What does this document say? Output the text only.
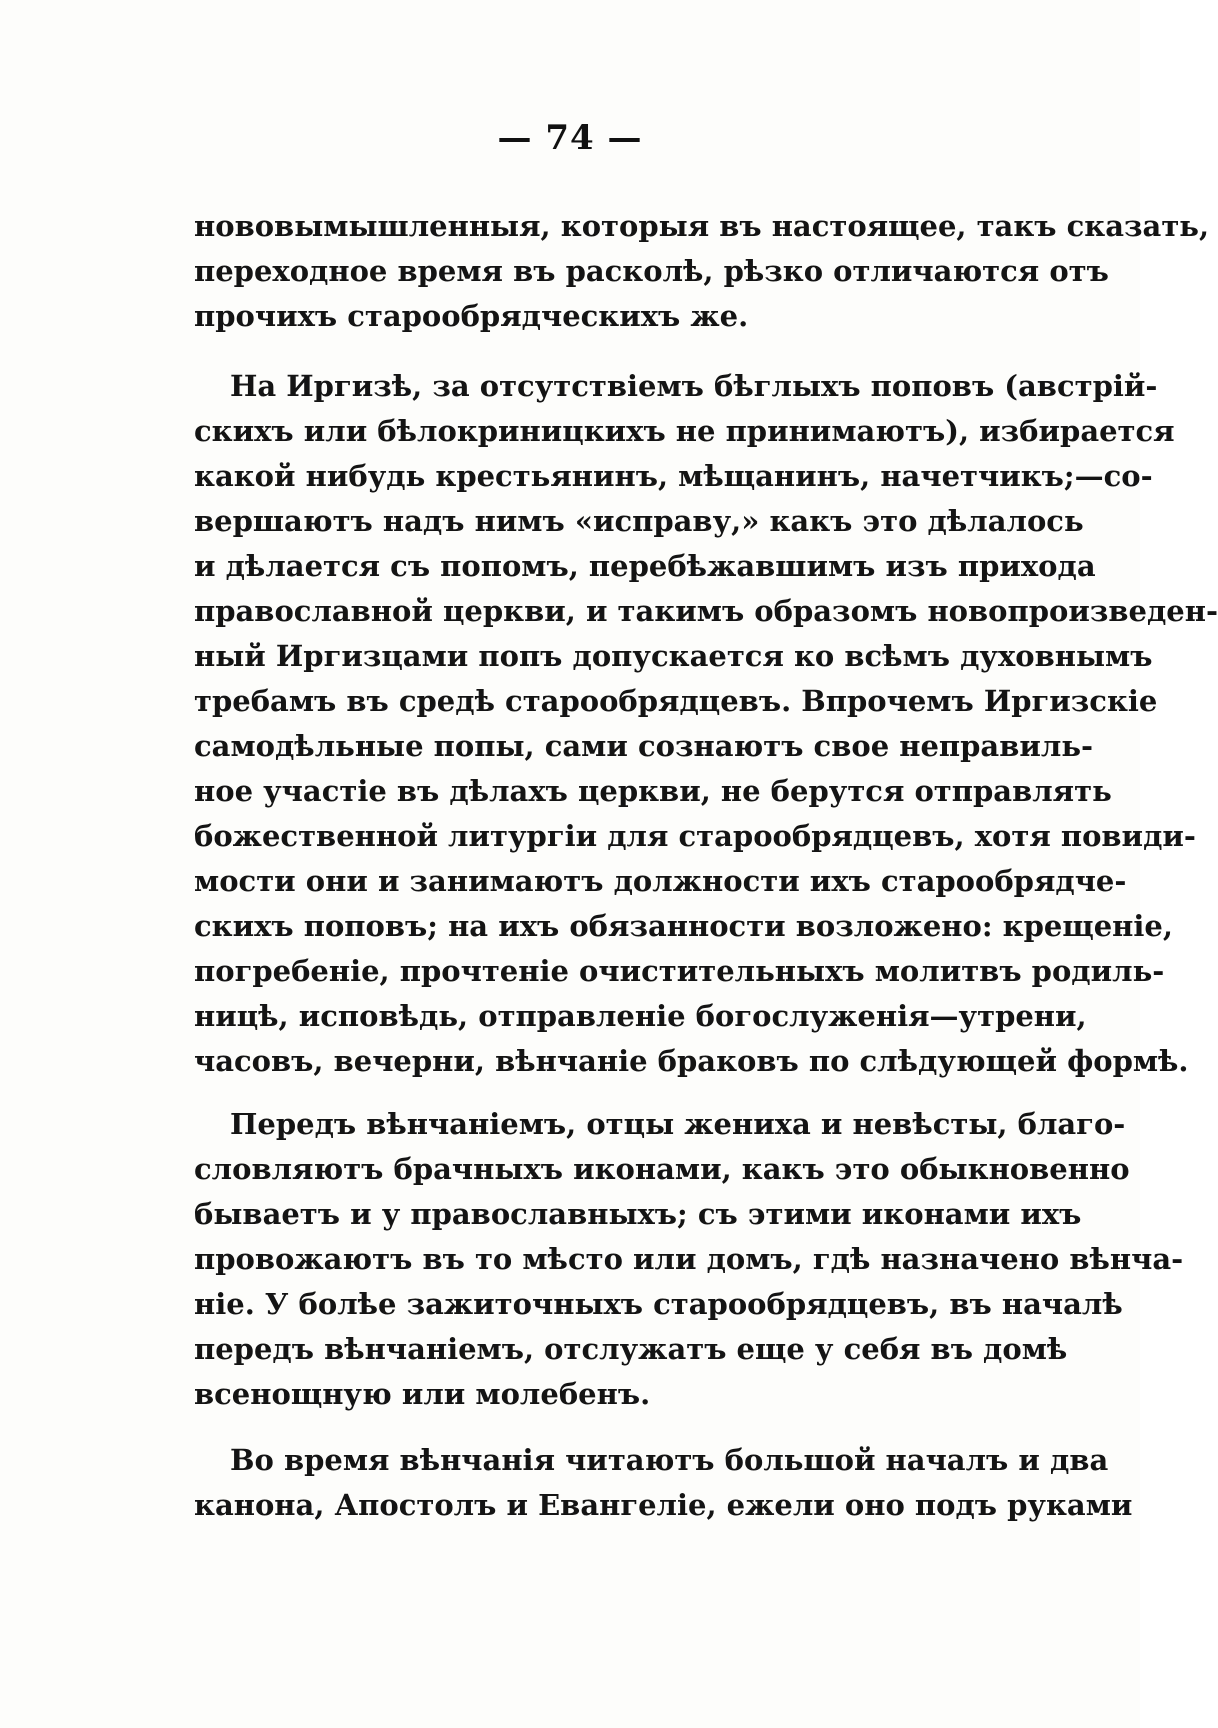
— 74 —
нововымышленныя, которыя въ настоящее, такъ сказать,
переходное время въ расколѣ, рѣзко отличаются отъ
прочихъ старообрядческихъ же.
На Иргизѣ, за отсутствіемъ бѣглыхъ поповъ (австрій-
скихъ или бѣлокриницкихъ не принимаютъ), избирается
какой нибудь крестьянинъ, мѣщанинъ, начетчикъ;—со-
вершаютъ надъ нимъ «исправу,» какъ это дѣлалось
и дѣлается съ попомъ, перебѣжавшимъ изъ прихода
православной церкви, и такимъ образомъ новопроизведен-
ный Иргизцами попъ допускается ко всѣмъ духовнымъ
требамъ въ средѣ старообрядцевъ. Впрочемъ Иргизскіе
самодѣльные попы, сами сознаютъ свое неправиль-
ное участіе въ дѣлахъ церкви, не берутся отправлять
божественной литургіи для старообрядцевъ, хотя повиди-
мости они и занимаютъ должности ихъ старообрядче-
скихъ поповъ; на ихъ обязанности возложено: крещеніе,
погребеніе, прочтеніе очистительныхъ молитвъ родиль-
ницѣ, исповѣдь, отправленіе богослуженія—утрени,
часовъ, вечерни, вѣнчаніе браковъ по слѣдующей формѣ.
Передъ вѣнчаніемъ, отцы жениха и невѣсты, благо-
словляютъ брачныхъ иконами, какъ это обыкновенно
бываетъ и у православныхъ; съ этими иконами ихъ
провожаютъ въ то мѣсто или домъ, гдѣ назначено вѣнча-
ніе. У болѣе зажиточныхъ старообрядцевъ, въ началѣ
передъ вѣнчаніемъ, отслужатъ еще у себя въ домѣ
всенощную или молебенъ.
Во время вѣнчанія читаютъ большой началъ и два
канона, Апостолъ и Евангеліе, ежели оно подъ руками
